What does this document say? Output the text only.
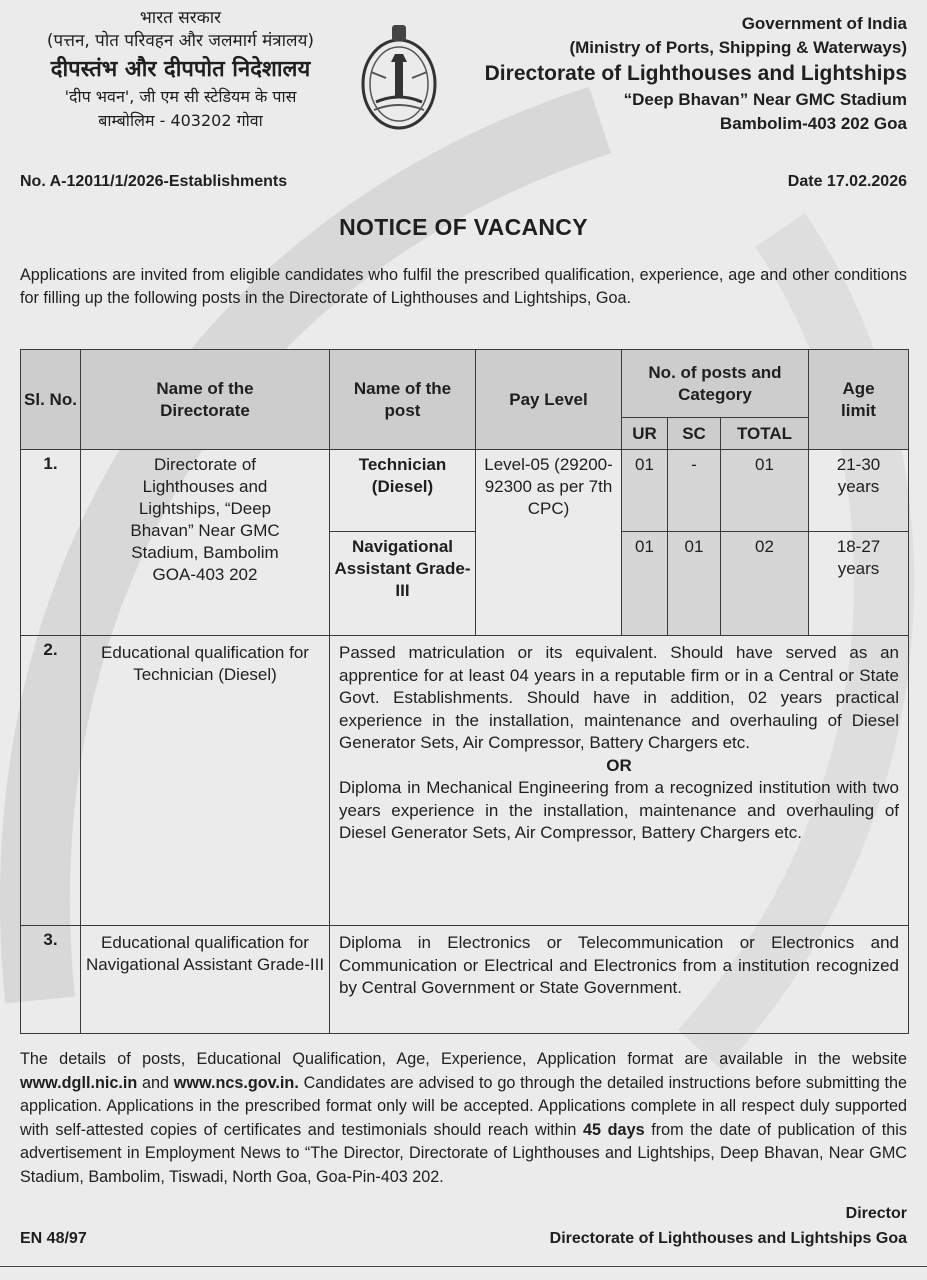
भारत सरकार
(पत्तन, पोत परिवहन और जलमार्ग मंत्रालय)
दीपस्तंभ और दीपपोत निदेशालय
'दीप भवन', जी एम सी स्टेडियम के पास
बाम्बोलिम - 403202 गोवा
Government of India
(Ministry of Ports, Shipping & Waterways)
Directorate of Lighthouses and Lightships
“Deep Bhavan” Near GMC Stadium
Bambolim-403 202 Goa
No. A-12011/1/2026-Establishments	Date 17.02.2026
NOTICE OF VACANCY
Applications are invited from eligible candidates who fulfil the prescribed qualification, experience, age and other conditions for filling up the following posts in the Directorate of Lighthouses and Lightships, Goa.
Sl. No.	Name of the Directorate	Name of the post	Pay Level	No. of posts and Category			Age limit

				UR	SC	TOTAL	
1.	Directorate of Lighthouses and Lightships, “Deep Bhavan” Near GMC Stadium, Bambolim GOA-403 202	Technician (Diesel)	Level-05 (29200-92300 as per 7th CPC)	01	-	01	21-30 years

		Navigational Assistant Grade-III		01	01	02	18-27 years

2.	Educational qualification for Technician (Diesel)	Passed matriculation or its equivalent. Should have served as an apprentice for at least 04 years in a reputable firm or in a Central or State Govt. Establishments. Should have in addition, 02 years practical experience in the installation, maintenance and overhauling of Diesel Generator Sets, Air Compressor, Battery Chargers etc.
OR
Diploma in Mechanical Engineering from a recognized institution with two years experience in the installation, maintenance and overhauling of Diesel Generator Sets, Air Compressor, Battery Chargers etc.					

3.	Educational qualification for Navigational Assistant Grade-III	Diploma in Electronics or Telecommunication or Electronics and Communication or Electrical and Electronics from a institution recognized by Central Government or State Government.					
The details of posts, Educational Qualification, Age, Experience, Application format are available in the website www.dgll.nic.in and www.ncs.gov.in. Candidates are advised to go through the detailed instructions before submitting the application. Applications in the prescribed format only will be accepted. Applications complete in all respect duly supported with self-attested copies of certificates and testimonials should reach within 45 days from the date of publication of this advertisement in Employment News to “The Director, Directorate of Lighthouses and Lightships, Deep Bhavan, Near GMC Stadium, Bambolim, Tiswadi, North Goa, Goa-Pin-403 202.
Director
EN 48/97	Directorate of Lighthouses and Lightships Goa
